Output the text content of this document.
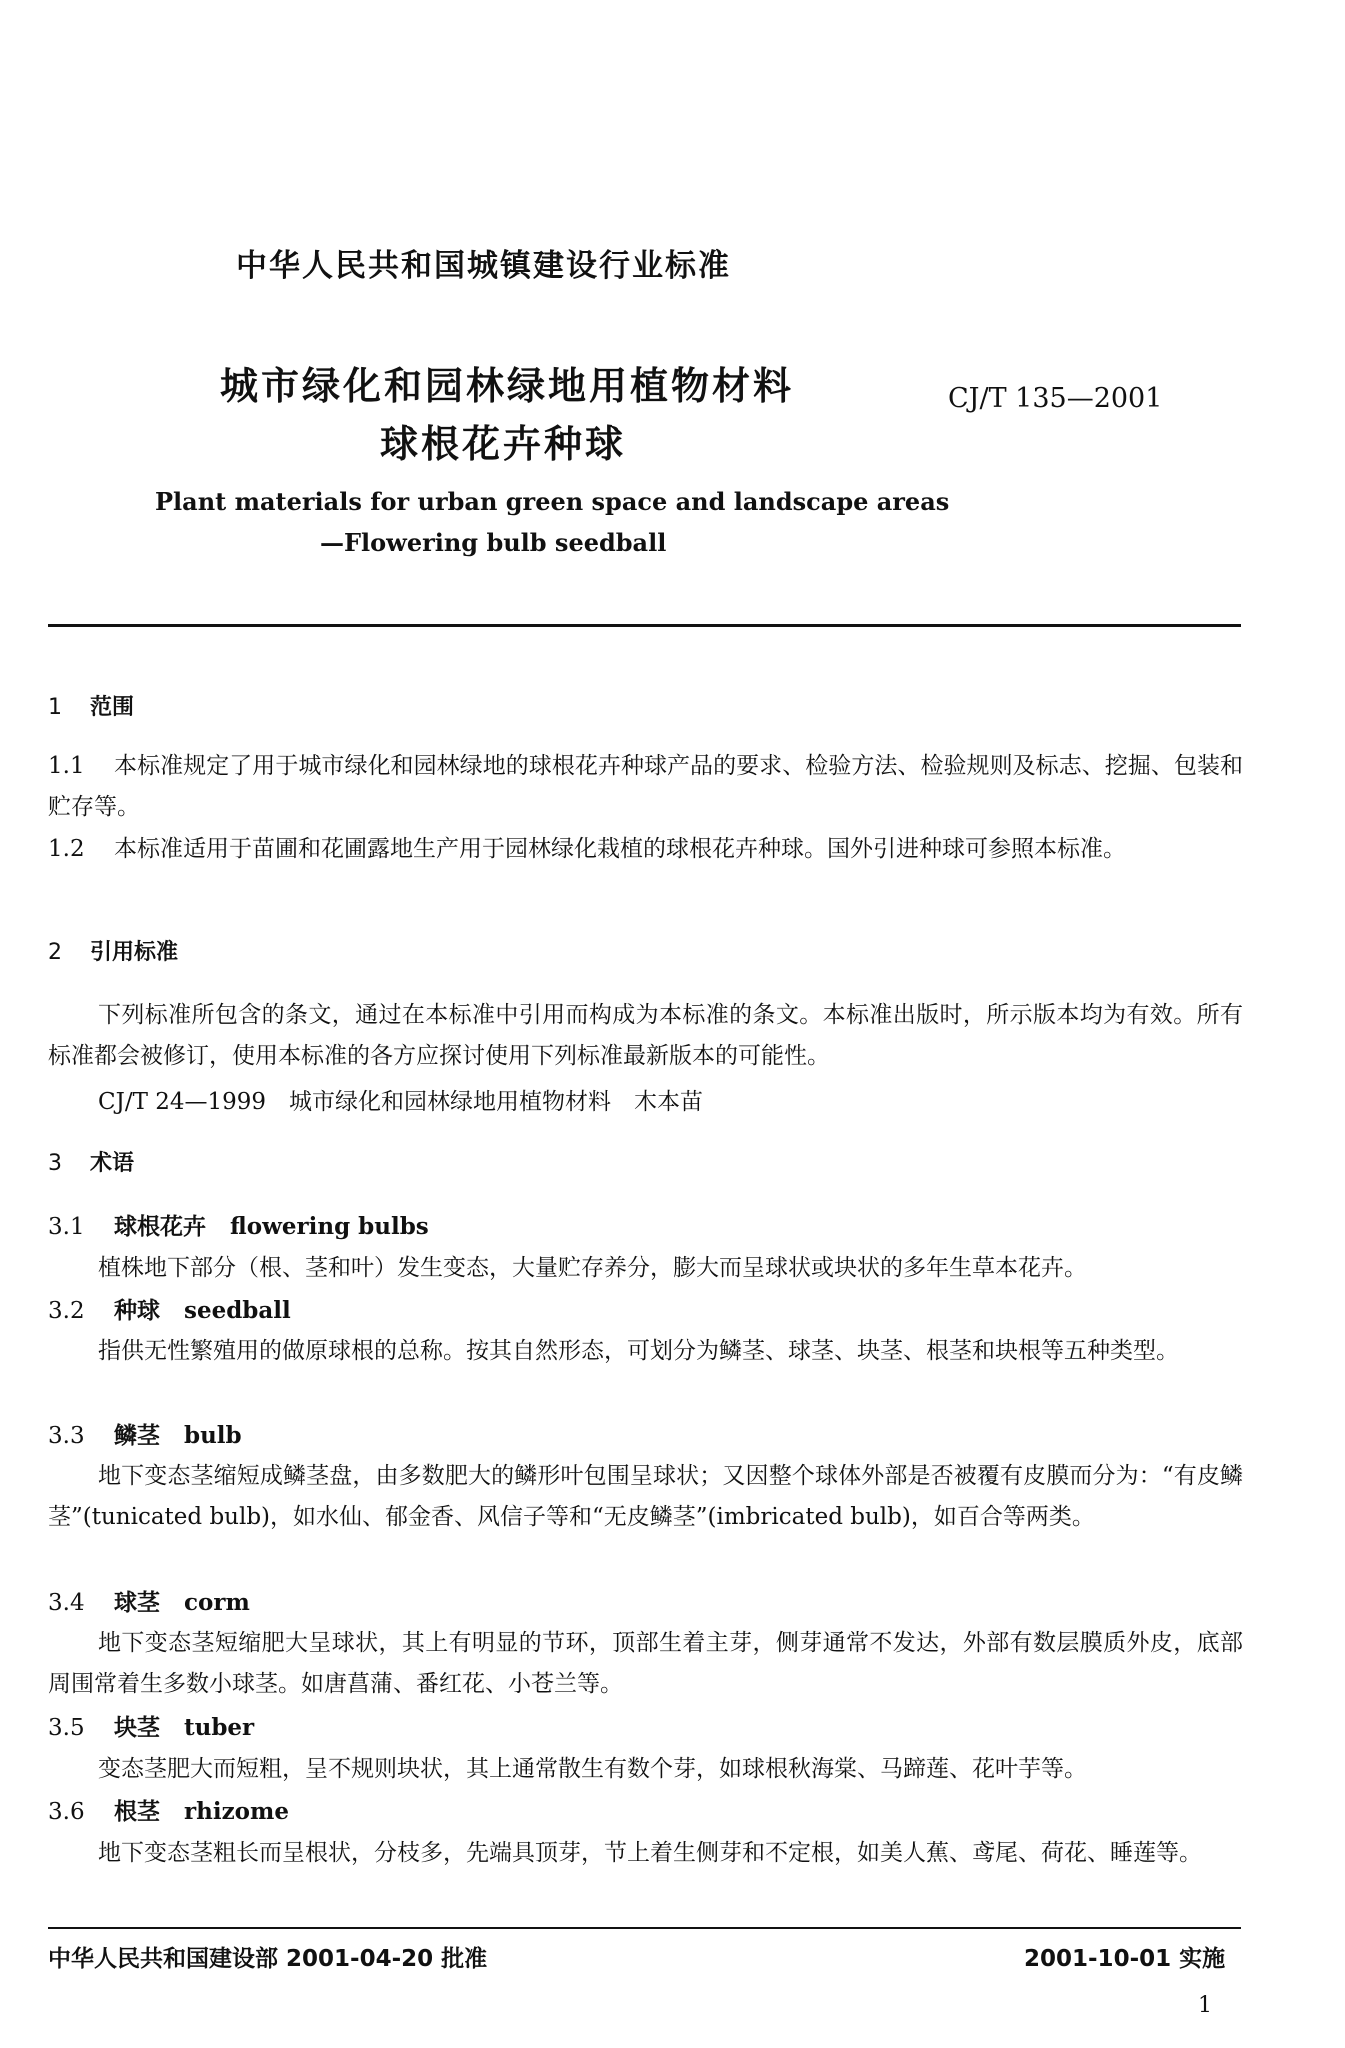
中华人民共和国城镇建设行业标准
城市绿化和园林绿地用植物材料
球根花卉种球
CJ/T 135—2001
Plant materials for urban green space and landscape areas
—Flowering bulb seedball
1 范围

1.1 本标准规定了用于城市绿化和园林绿地的球根花卉种球产品的要求、检验方法、检验规则及标志、挖掘、包装和贮存等。

1.2 本标准适用于苗圃和花圃露地生产用于园林绿化栽植的球根花卉种球。国外引进种球可参照本标准。

2 引用标准

下列标准所包含的条文，通过在本标准中引用而构成为本标准的条文。本标准出版时，所示版本均为有效。所有标准都会被修订，使用本标准的各方应探讨使用下列标准最新版本的可能性。

CJ/T 24—1999　城市绿化和园林绿地用植物材料　木本苗
3 术语
3.1 球根花卉 flowering bulbs

植株地下部分（根、茎和叶）发生变态，大量贮存养分，膨大而呈球状或块状的多年生草本花卉。

3.2 种球 seedball

指供无性繁殖用的做原球根的总称。按其自然形态，可划分为鳞茎、球茎、块茎、根茎和块根等五种类型。

3.3 鳞茎 bulb

地下变态茎缩短成鳞茎盘，由多数肥大的鳞形叶包围呈球状；又因整个球体外部是否被覆有皮膜而分为：“有皮鳞茎”(tunicated bulb)，如水仙、郁金香、风信子等和“无皮鳞茎”(imbricated bulb)，如百合等两类。

3.4 球茎 corm

地下变态茎短缩肥大呈球状，其上有明显的节环，顶部生着主芽，侧芽通常不发达，外部有数层膜质外皮，底部周围常着生多数小球茎。如唐菖蒲、番红花、小苍兰等。

3.5 块茎 tuber

变态茎肥大而短粗，呈不规则块状，其上通常散生有数个芽，如球根秋海棠、马蹄莲、花叶芋等。

3.6 根茎 rhizome

地下变态茎粗长而呈根状，分枝多，先端具顶芽，节上着生侧芽和不定根，如美人蕉、鸢尾、荷花、睡莲等。

中华人民共和国建设部 2001-04-20 批准	2001-10-01 实施
1
